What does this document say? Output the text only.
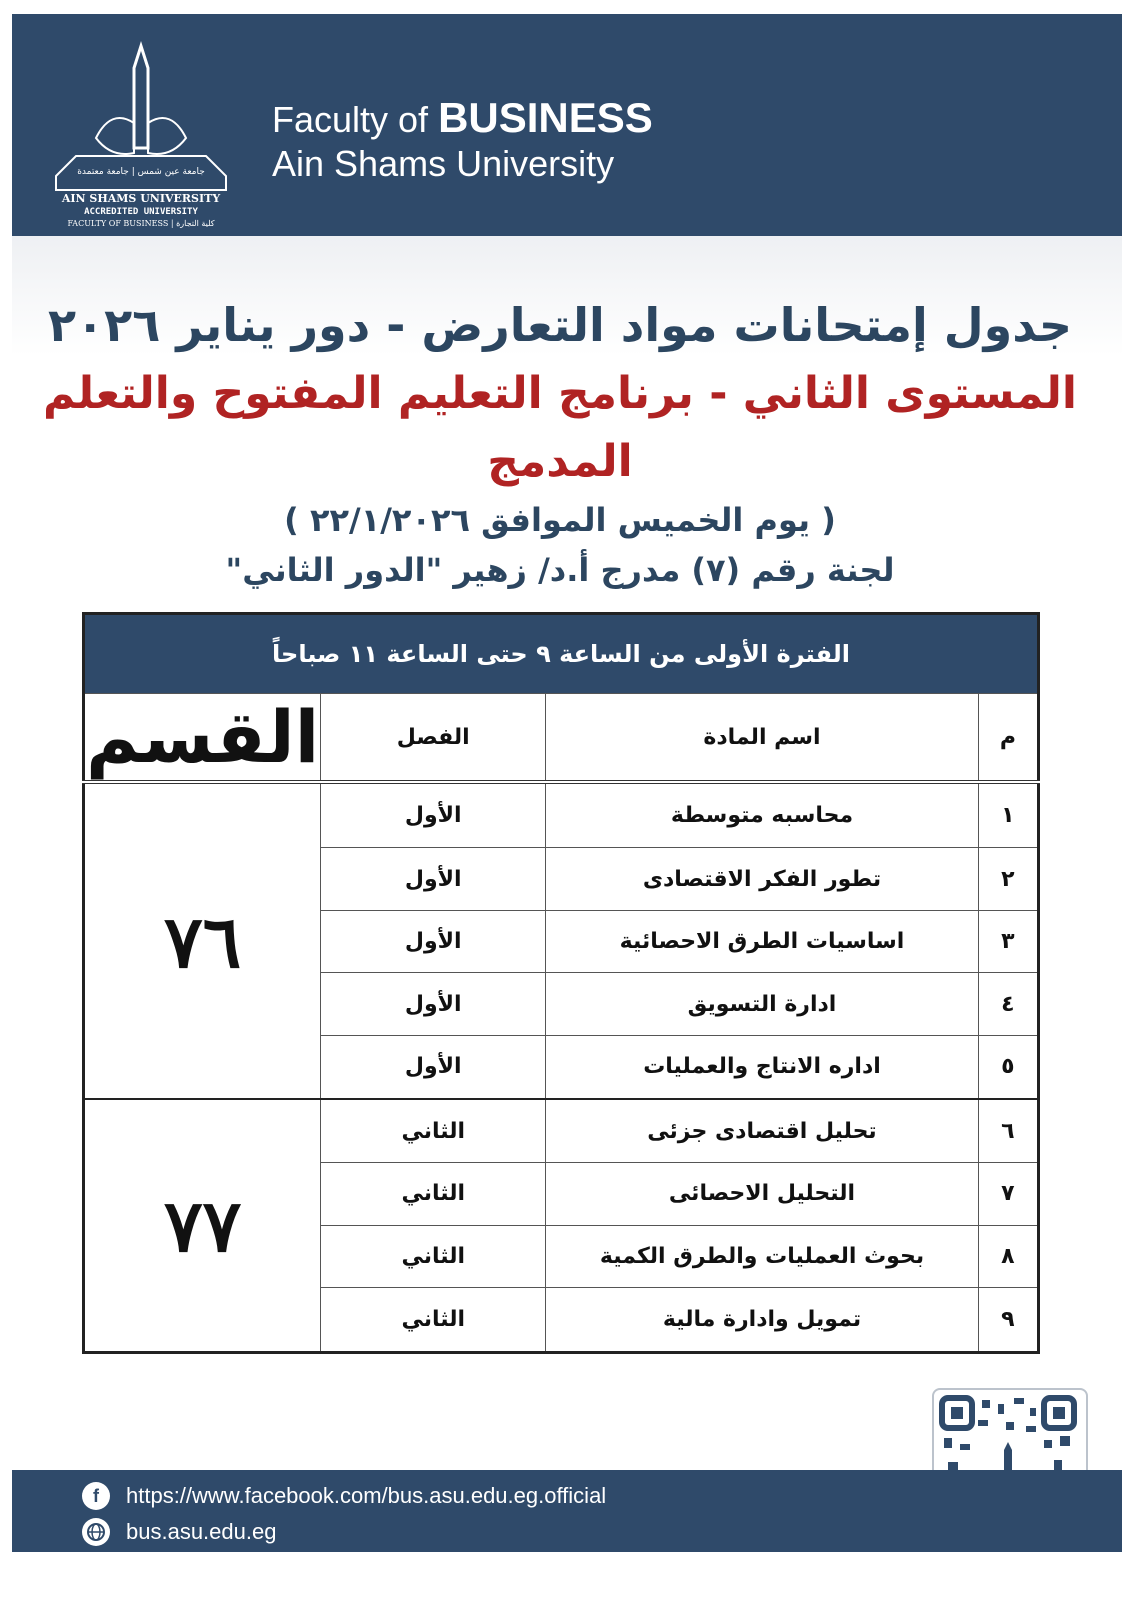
جامعة عين شمس | جامعة معتمدة
AIN SHAMS UNIVERSITY
ACCREDITED UNIVERSITY
FACULTY OF BUSINESS | كلية التجارة
Faculty of BUSINESS
Ain Shams University
جدول إمتحانات مواد التعارض - دور يناير ٢٠٢٦
المستوى الثاني - برنامج التعليم المفتوح والتعلم المدمج
( يوم الخميس الموافق ٢٢/١/٢٠٢٦ )
لجنة رقم (٧) مدرج أ.د/ زهير "الدور الثاني"
الفترة الأولى من الساعة ٩ حتى الساعة ١١ صباحاً			
م	اسم المادة	الفصل	القسم
١	محاسبه متوسطة	الأول	٧٦
٢	تطور الفكر الاقتصادى	الأول	
٣	اساسيات الطرق الاحصائية	الأول	
٤	ادارة التسويق	الأول	
٥	اداره الانتاج والعمليات	الأول	
٦	تحليل اقتصادى جزئى	الثاني	٧٧
٧	التحليل الاحصائى	الثاني	
٨	بحوث العمليات والطرق الكمية	الثاني	
٩	تمويل وادارة مالية	الثاني	
f	https://www.facebook.com/bus.asu.edu.eg.official
bus.asu.edu.eg
